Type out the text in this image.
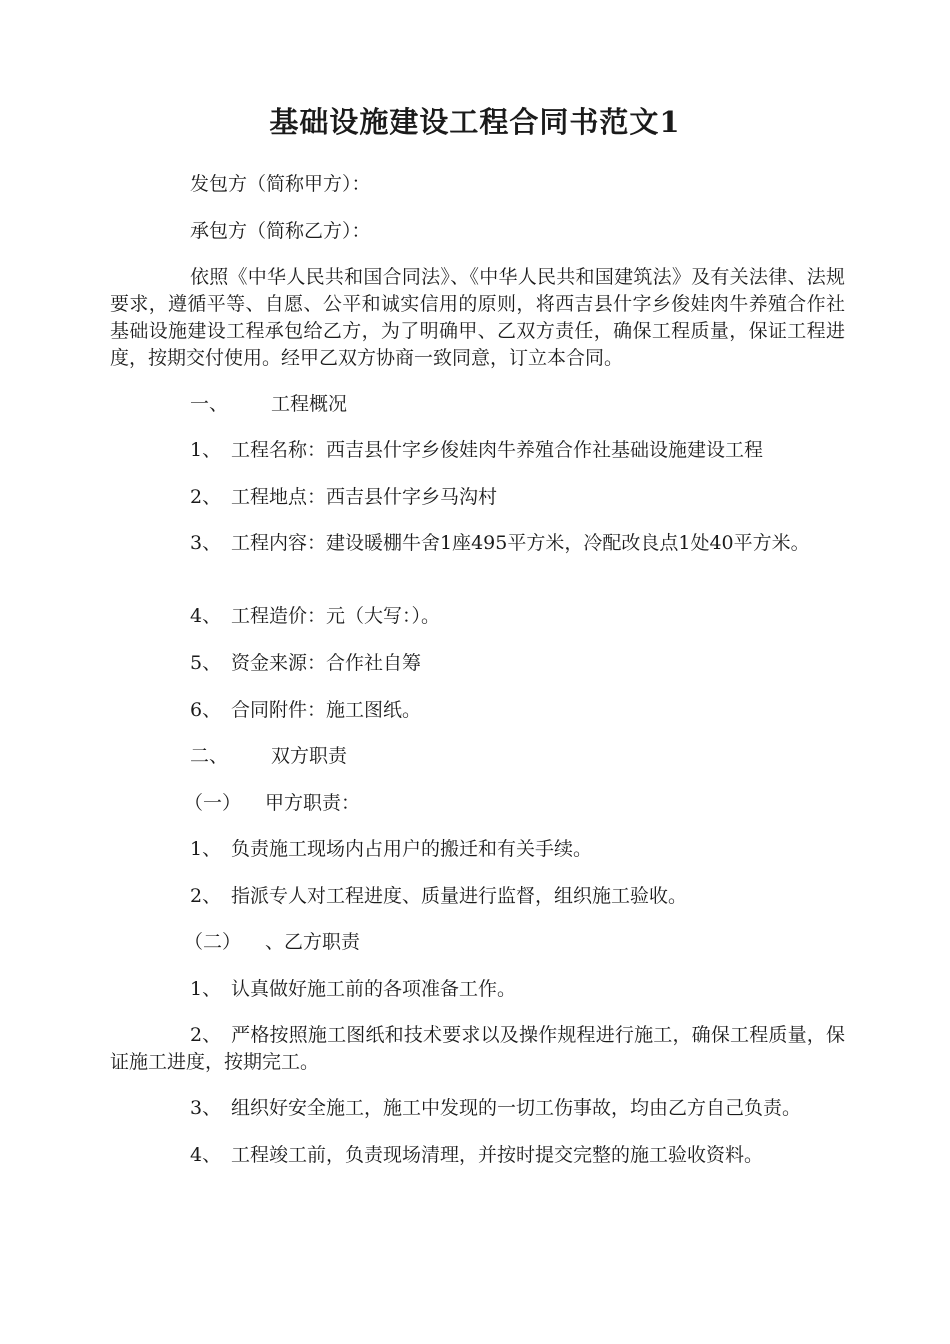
基础设施建设工程合同书范文1

发包方（简称甲方）：

承包方（简称乙方）：

依照《中华人民共和国合同法》、《中华人民共和国建筑法》及有关法律、法规要求，遵循平等、自愿、公平和诚实信用的原则，将西吉县什字乡俊娃肉牛养殖合作社基础设施建设工程承包给乙方，为了明确甲、乙双方责任，确保工程质量，保证工程进度，按期交付使用。经甲乙双方协商一致同意，订立本合同。

一、 工程概况

1、 工程名称：西吉县什字乡俊娃肉牛养殖合作社基础设施建设工程

2、 工程地点：西吉县什字乡马沟村

3、 工程内容：建设暖棚牛舍1座495平方米，冷配改良点1处40平方米。

4、 工程造价：元（大写：）。

5、 资金来源：合作社自筹

6、 合同附件：施工图纸。

二、 双方职责

（一） 甲方职责：

1、 负责施工现场内占用户的搬迁和有关手续。

2、 指派专人对工程进度、质量进行监督，组织施工验收。

（二） 、乙方职责

1、 认真做好施工前的各项准备工作。

2、 严格按照施工图纸和技术要求以及操作规程进行施工，确保工程质量，保证施工进度，按期完工。

3、 组织好安全施工，施工中发现的一切工伤事故，均由乙方自己负责。

4、 工程竣工前，负责现场清理，并按时提交完整的施工验收资料。
